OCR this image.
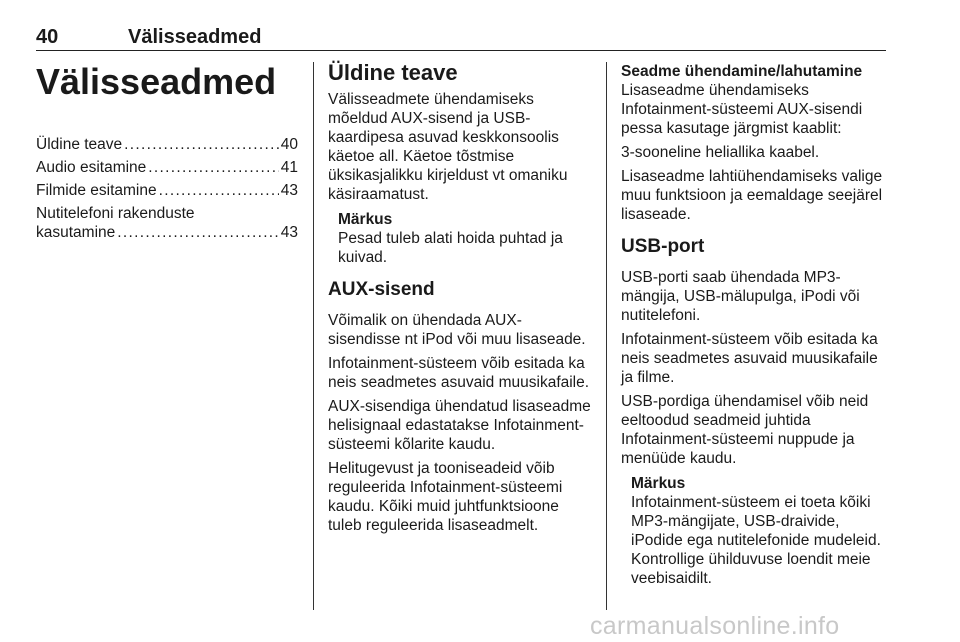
40	Välisseadmed
Välisseadmed
Üldine teave . . .	40
Audio esitamine . . .	41
Filmide esitamine . . .	43
Nutitelefoni rakenduste
kasutamine . . .	43
Üldine teave

Välisseadmete ühendamiseks mõeldud AUX-sisend ja USB-kaardipesa asuvad keskkonsoolis käetoe all. Käetoe tõstmise üksikasjalikku kirjeldust vt omaniku käsiraamatust.

Märkus
Pesad tuleb alati hoida puhtad ja kuivad.
AUX-sisend

Võimalik on ühendada AUX-sisendisse nt iPod või muu lisaseade.

Infotainment-süsteem võib esitada ka neis seadmetes asuvaid muusikafaile.

AUX-sisendiga ühendatud lisaseadme helisignaal edastatakse Infotainment-süsteemi kõlarite kaudu.

Helitugevust ja tooniseadeid võib reguleerida Infotainment-süsteemi kaudu. Kõiki muid juhtfunktsioone tuleb reguleerida lisaseadmelt.

Seadme ühendamine/lahutamine

Lisaseadme ühendamiseks Infotainment-süsteemi AUX-sisendi pessa kasutage järgmist kaablit:

3-sooneline heliallika kaabel.

Lisaseadme lahtiühendamiseks valige muu funktsioon ja eemaldage seejärel lisaseade.

USB-port

USB-porti saab ühendada MP3-mängija, USB-mälupulga, iPodi või nutitelefoni.

Infotainment-süsteem võib esitada ka neis seadmetes asuvaid muusikafaile ja filme.

USB-pordiga ühendamisel võib neid eeltoodud seadmeid juhtida Infotainment-süsteemi nuppude ja menüüde kaudu.

Märkus
Infotainment-süsteem ei toeta kõiki MP3-mängijate, USB-draivide, iPodide ega nutitelefonide mudeleid. Kontrollige ühilduvuse loendit meie veebisaidilt.
carmanualsonline.info
